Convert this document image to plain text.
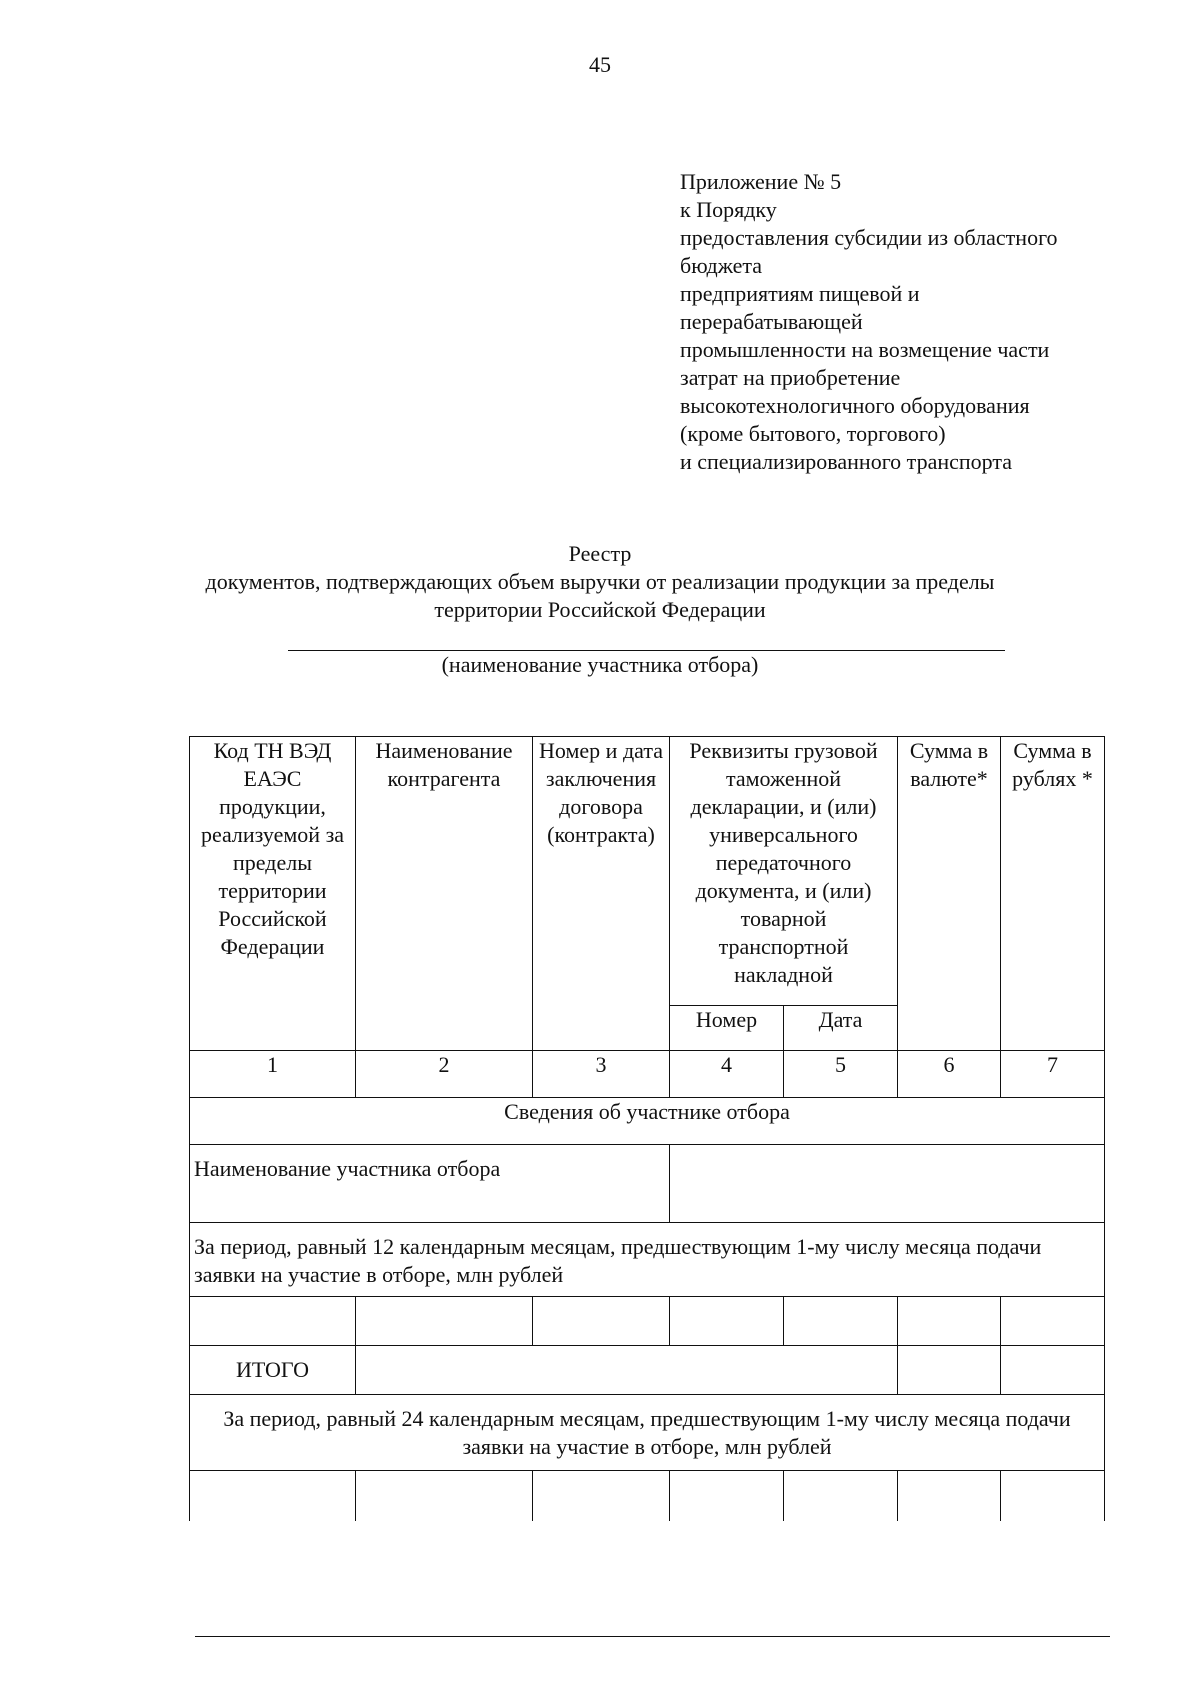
45
Приложение № 5
к Порядку
предоставления субсидии из областного
бюджета
предприятиям пищевой и
перерабатывающей
промышленности на возмещение части
затрат на приобретение
высокотехнологичного оборудования
(кроме бытового, торгового)
и специализированного транспорта
Реестр
документов, подтверждающих объем выручки от реализации продукции за пределы
территории Российской Федерации
(наименование участника отбора)
Код ТН ВЭД ЕАЭС продукции, реализуемой за пределы территории Российской Федерации	Наименование контрагента	Номер и дата заключения договора (контракта)	Реквизиты грузовой таможенной декларации, и (или) универсального передаточного документа, и (или) товарной транспортной накладной		Сумма в валюте*	Сумма в рублях *
			Номер	Дата		
1	2	3	4	5	6	7
Сведения об участнике отбора						
Наименование участника отбора						
За период, равный 12 календарным месяцам, предшествующим 1-му числу месяца подачи заявки на участие в отборе, млн рублей						

ИТОГО						
За период, равный 24 календарным месяцам, предшествующим 1-му числу месяца подачи заявки на участие в отборе, млн рублей						
